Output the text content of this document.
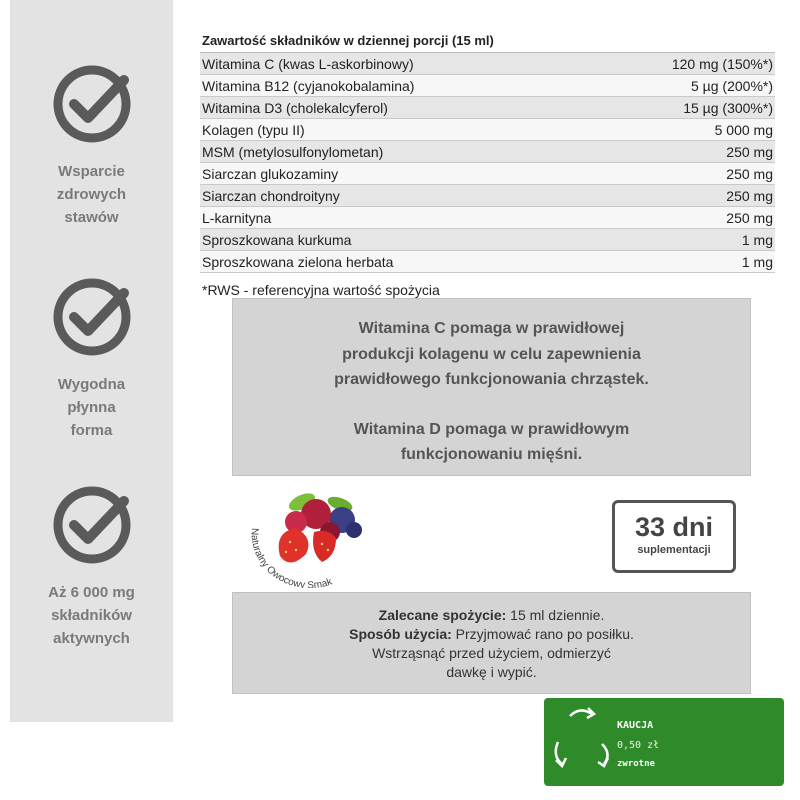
Wsparcie
zdrowych
stawów
Wygodna
płynna
forma
Aż 6 000 mg
składników
aktywnych
Zawartość składników w dziennej porcji (15 ml)
Witamina C (kwas L-askorbinowy)	120 mg (150%*)
Witamina B12 (cyjanokobalamina)	5 µg (200%*)
Witamina D3 (cholekalcyferol)	15 µg (300%*)
Kolagen (typu II)	5 000 mg
MSM (metylosulfonylometan)	250 mg
Siarczan glukozaminy	250 mg
Siarczan chondroityny	250 mg
L-karnityna	250 mg
Sproszkowana kurkuma	1 mg
Sproszkowana zielona herbata	1 mg
*RWS - referencyjna wartość spożycia
Witamina C pomaga w prawidłowej
produkcji kolagenu w celu zapewnienia
prawidłowego funkcjonowania chrząstek.
Witamina D pomaga w prawidłowym
funkcjonowaniu mięśni.
Naturalny Owocowy Smak
33 dni
suplementacji
Zalecane spożycie: 15 ml dziennie.
Sposób użycia: Przyjmować rano po posiłku.
Wstrząsnąć przed użyciem, odmierzyć
dawkę i wypić.
KAUCJA
0,50 zł
zwrotne
